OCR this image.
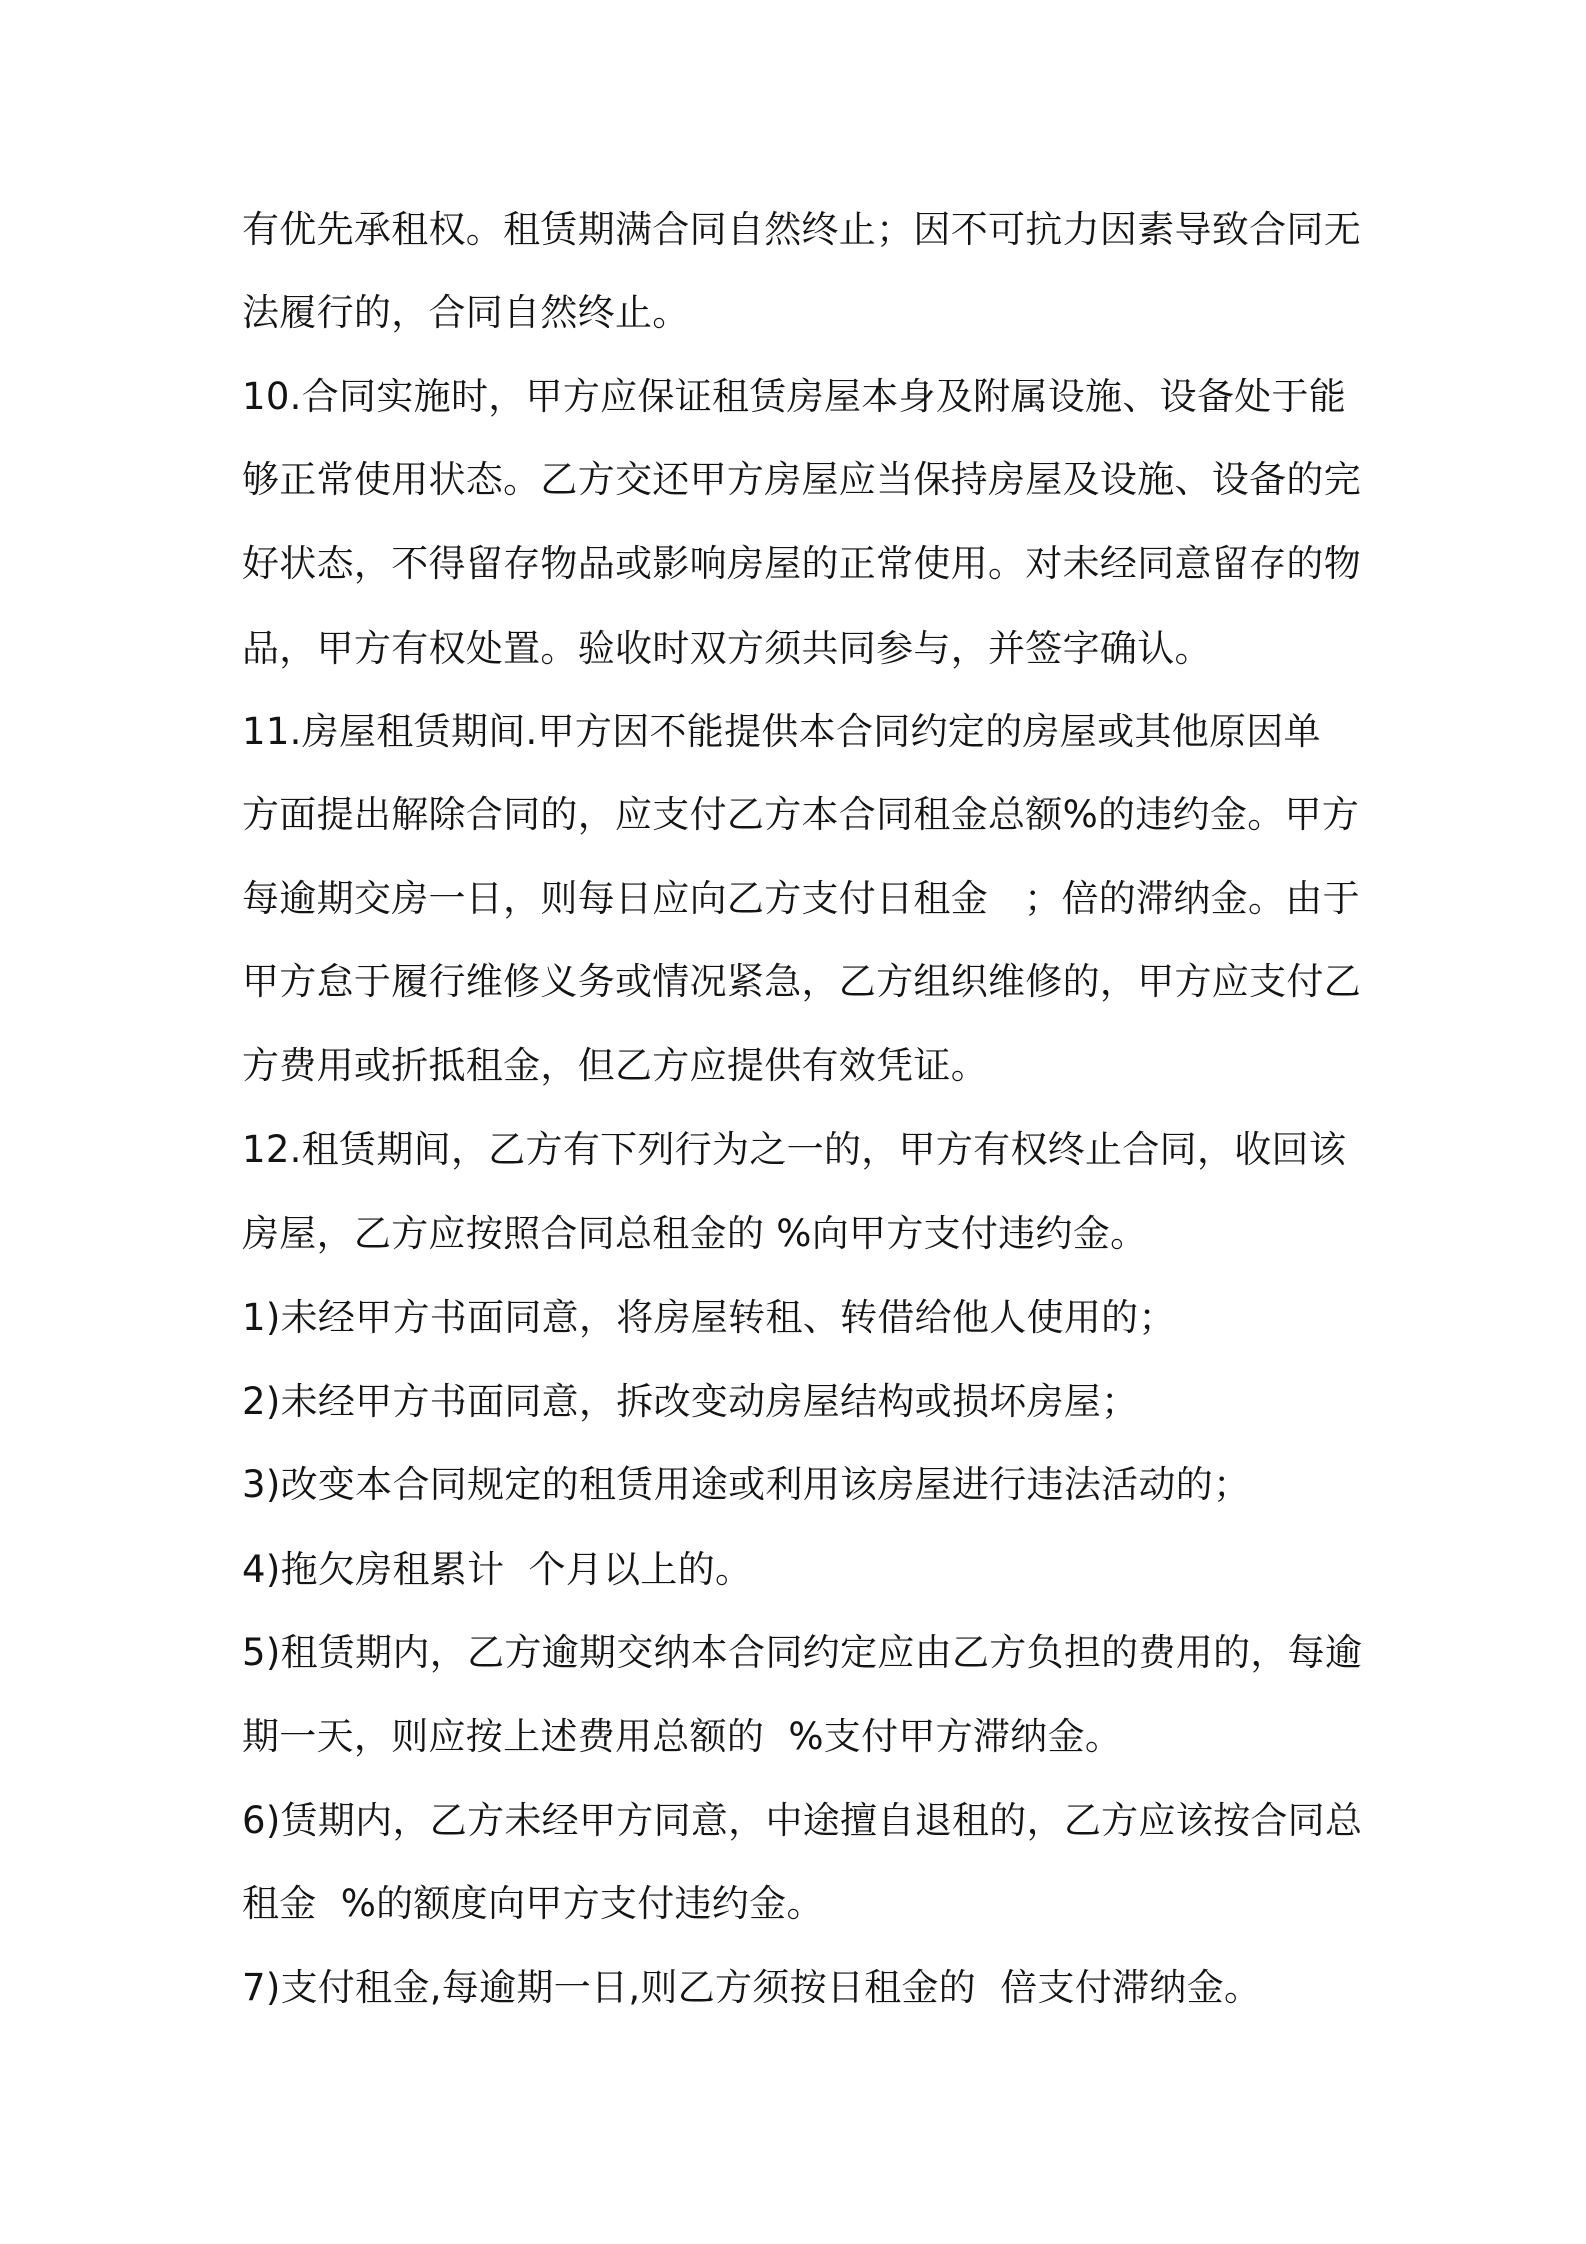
有优先承租权。租赁期满合同自然终止；因不可抗力因素导致合同无
法履行的，合同自然终止。
10.合同实施时，甲方应保证租赁房屋本身及附属设施、设备处于能
够正常使用状态。乙方交还甲方房屋应当保持房屋及设施、设备的完
好状态，不得留存物品或影响房屋的正常使用。对未经同意留存的物
品，甲方有权处置。验收时双方须共同参与，并签字确认。
11.房屋租赁期间.甲方因不能提供本合同约定的房屋或其他原因单
方面提出解除合同的，应支付乙方本合同租金总额%的违约金。甲方
每逾期交房一日，则每日应向乙方支付日租金   ；倍的滞纳金。由于
甲方怠于履行维修义务或情况紧急，乙方组织维修的，甲方应支付乙
方费用或折抵租金，但乙方应提供有效凭证。
12.租赁期间，乙方有下列行为之一的，甲方有权终止合同，收回该
房屋，乙方应按照合同总租金的 %向甲方支付违约金。
1)未经甲方书面同意，将房屋转租、转借给他人使用的；
2)未经甲方书面同意，拆改变动房屋结构或损坏房屋；
3)改变本合同规定的租赁用途或利用该房屋进行违法活动的；
4)拖欠房租累计  个月以上的。
5)租赁期内，乙方逾期交纳本合同约定应由乙方负担的费用的，每逾
期一天，则应按上述费用总额的  %支付甲方滞纳金。
6)赁期内，乙方未经甲方同意，中途擅自退租的，乙方应该按合同总
租金  %的额度向甲方支付违约金。
7)支付租金,每逾期一日,则乙方须按日租金的  倍支付滞纳金。
